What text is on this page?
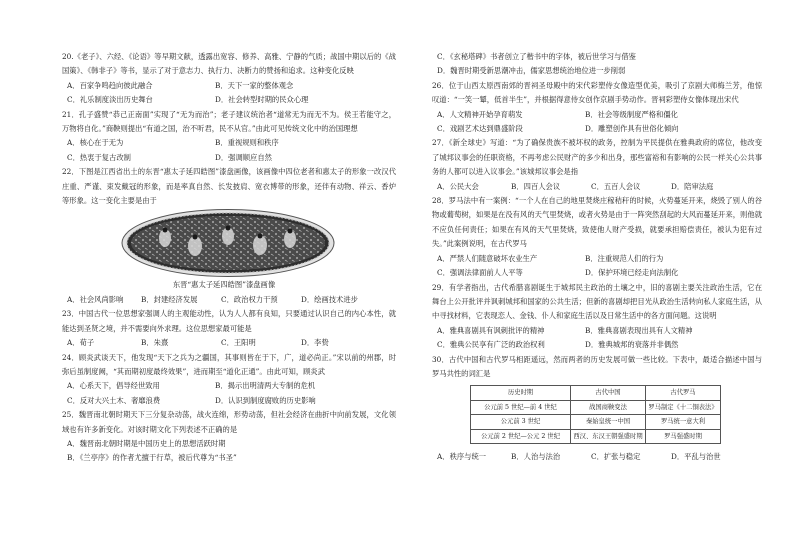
20.《老子》、六经、《论语》等早期文献，透露出宽容、修养、高雅、宁静的气质；战国中期以后的《战国策》、《韩非子》等书，显示了对于意志力、执行力、决断力的赞扬和追求。这种变化反映
A．百家争鸣趋向彼此融合	B．天下一家的整体观念
C．礼乐制度淡出历史舞台	D．社会转型时期的民众心理
21．孔子盛赞“恭己正南面”实现了“无为而治”；老子建议统治者“道常无为而无不为。侯王若能守之，万物将自化。”商鞅则提出“有道之国，治不听君，民不从官。”由此可见传统文化中的治国理想
A．核心在于无为	B．重视规则和秩序
C．热衷于复古改制	D．强调顺应自然
22．下图是江西省出土的东晋“惠太子延四皓图”漆盘画像，该画像中四位老者和惠太子的形象一改汉代庄重、严谨、束发戴冠的形象，而是率真自然、长发披肩、宽衣博带的形象，还伴有动物、祥云、香炉等形象。这一变化主要是由于
东晋“惠太子延四皓图”漆盘画像
A．社会风尚影响	B．封建经济发展	C．政治权力干预	D．绘画技术进步
23．中国古代一位思想家强调人的主观能动性，认为人人都有良知，只要通过认识自己的内心本性，就能达到圣贤之境，并不需要向外求理。这位思想家最可能是
A．荀子	B．朱熹	C．王阳明	D．李贽
24．顾炎武谈天下，他发现“天下之兵为之疆国，其事则皆在于下，广，道必尚正。”宋以前的州郡，时弥后虽制度阙，“其而期初度最终效果”，进而期至“道化正通”。由此可知，顾炎武
A．心系天下，倡导经世致用	B．揭示出明清两大专制的危机
C．反对大兴土木、奢靡浪费	D．认识到制度腐败的历史影响
25．魏晋南北朝时期天下三分复杂动荡，战火连绵，形势动荡，但社会经济在曲折中向前发展，文化领域也有许多新变化。对该时期文化下列表述不正确的是
A．魏晋南北朝时期是中国历史上的思想活跃时期
B．《兰亭序》的作者尤擅于行草，被后代尊为“书圣”
C．《玄秘塔碑》书者创立了楷书中的字体，被后世学习与借鉴
D．魏晋时期受新思潮冲击，儒家思想统治地位进一步削弱
26．位于山西太原西南郊的晋祠圣母殿中的宋代彩塑侍女像造型优美，吸引了京剧大师梅兰芳，他惊叹道：“一笑一颦，低首半生”，并根据得意侍女创作京剧手势动作。晋祠彩塑侍女像体现出宋代
A．人文精神开始孕育萌发	B．社会等级制度严格和僵化
C．戏剧艺术达到鼎盛阶段	D．雕塑创作具有世俗化倾向
27．《新全球史》写道：“为了确保贵族不被坏权的政务，控制为平民提供在雅典政府的席位，他改变了城邦议事会的任职资格，不再考虑公民财产的多少和出身，那些富裕和有影响的公民一样关心公共事务的人都可以进入议事会。”该城邦议事会是指
A．公民大会	B．四百人会议	C．五百人会议	D．陪审法庭
28．罗马法中有一案例：“一个人在自己的地里焚烧庄稼秸秆的时候，火势蔓延开来，烧毁了别人的谷物或葡萄树，如果是在没有风的天气里焚烧，或者火势是由于一阵突然刮起的大风而蔓延开来，则他就不应负任何责任；如果在有风的天气里焚烧，致使他人财产受损，就要承担赔偿责任，被认为犯有过失。”此案例说明，在古代罗马
A．严禁人们随意破坏农业生产	B．注重规范人们的行为
C．强调法律面前人人平等	D．保护环境已经走向法制化
29．有学者指出，古代希腊喜剧诞生于城邦民主政治的土壤之中，旧的喜剧主要关注政治生活，它在舞台上公开批评并讽刺城邦和国家的公共生活；但新的喜剧却把目光从政治生活转向私人家庭生活，从中寻找材料，它表现恋人、金钱、仆人和家庭生活以及日常生活中的各方面问题。这说明
A．雅典喜剧具有讽刺批评的精神	B．雅典喜剧表现出具有人文精神
C．雅典公民享有广泛的政治权利	D．雅典城邦的衰落并非偶然
30．古代中国和古代罗马相距遥远，然而两者的历史发展可做一些比较。下表中，最适合描述中国与罗马共性的词汇是
历史时期	古代中国	古代罗马
公元前 5 世纪—前 4 世纪	战国商鞅变法	罗马制定《十二铜表法》
公元前 3 世纪	秦始皇统一中国	罗马统一意大利
公元前 2 世纪—公元 2 世纪	西汉、东汉王朝强盛时期	罗马强盛时期
A．秩序与统一	B．人治与法治	C．扩张与稳定	D．平乱与治世
